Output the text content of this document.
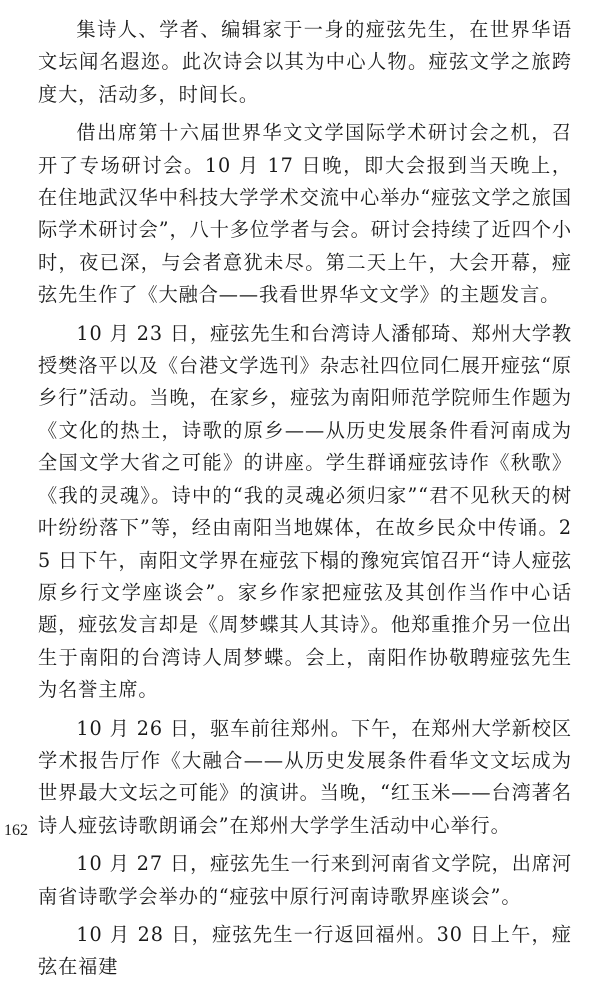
集诗人、学者、编辑家于一身的痖弦先生，在世界华语文坛闻名遐迩。此次诗会以其为中心人物。痖弦文学之旅跨度大，活动多，时间长。

借出席第十六届世界华文文学国际学术研讨会之机，召开了专场研讨会。10 月 17 日晚，即大会报到当天晚上，在住地武汉华中科技大学学术交流中心举办“痖弦文学之旅国际学术研讨会”，八十多位学者与会。研讨会持续了近四个小时，夜已深，与会者意犹未尽。第二天上午，大会开幕，痖弦先生作了《大融合——我看世界华文文学》的主题发言。

10 月 23 日，痖弦先生和台湾诗人潘郁琦、郑州大学教授樊洛平以及《台港文学选刊》杂志社四位同仁展开痖弦“原乡行”活动。当晚，在家乡，痖弦为南阳师范学院师生作题为《文化的热土，诗歌的原乡——从历史发展条件看河南成为全国文学大省之可能》的讲座。学生群诵痖弦诗作《秋歌》《我的灵魂》。诗中的“我的灵魂必须归家”“君不见秋天的树叶纷纷落下”等，经由南阳当地媒体，在故乡民众中传诵。25 日下午，南阳文学界在痖弦下榻的豫宛宾馆召开“诗人痖弦原乡行文学座谈会”。家乡作家把痖弦及其创作当作中心话题，痖弦发言却是《周梦蝶其人其诗》。他郑重推介另一位出生于南阳的台湾诗人周梦蝶。会上，南阳作协敬聘痖弦先生为名誉主席。

10 月 26 日，驱车前往郑州。下午，在郑州大学新校区学术报告厅作《大融合——从历史发展条件看华文文坛成为世界最大文坛之可能》的演讲。当晚，“红玉米——台湾著名诗人痖弦诗歌朗诵会”在郑州大学学生活动中心举行。

10 月 27 日，痖弦先生一行来到河南省文学院，出席河南省诗歌学会举办的“痖弦中原行河南诗歌界座谈会”。

10 月 28 日，痖弦先生一行返回福州。30 日上午，痖弦在福建

162
